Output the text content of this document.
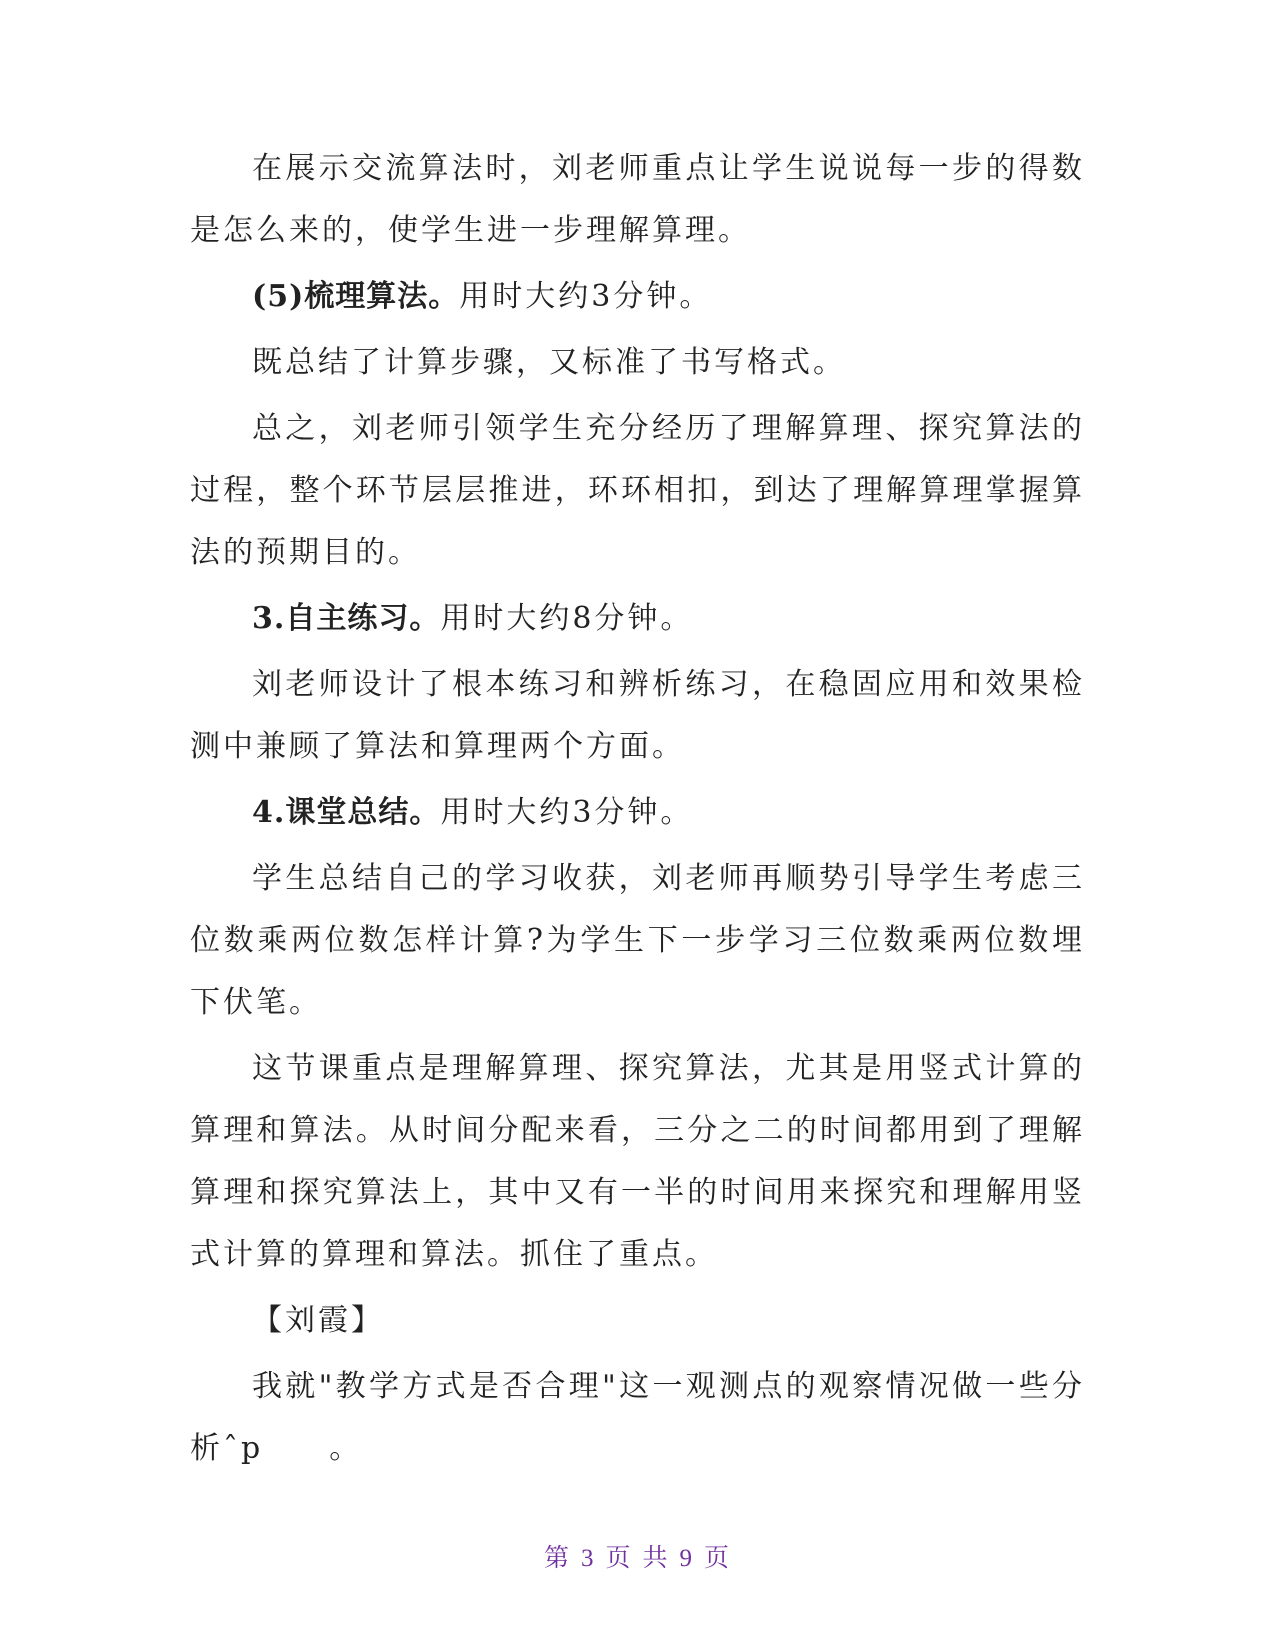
在展示交流算法时，刘老师重点让学生说说每一步的得数是怎么来的，使学生进一步理解算理。

(5)梳理算法。用时大约3分钟。

既总结了计算步骤，又标准了书写格式。

总之，刘老师引领学生充分经历了理解算理、探究算法的过程，整个环节层层推进，环环相扣，到达了理解算理掌握算法的预期目的。

3.自主练习。用时大约8分钟。

刘老师设计了根本练习和辨析练习，在稳固应用和效果检测中兼顾了算法和算理两个方面。

4.课堂总结。用时大约3分钟。

学生总结自己的学习收获，刘老师再顺势引导学生考虑三位数乘两位数怎样计算?为学生下一步学习三位数乘两位数埋下伏笔。

这节课重点是理解算理、探究算法，尤其是用竖式计算的算理和算法。从时间分配来看，三分之二的时间都用到了理解算理和探究算法上，其中又有一半的时间用来探究和理解用竖式计算的算理和算法。抓住了重点。

【刘霞】

我就"教学方式是否合理"这一观测点的观察情况做一些分析ˆp　　。

第 3 页 共 9 页
